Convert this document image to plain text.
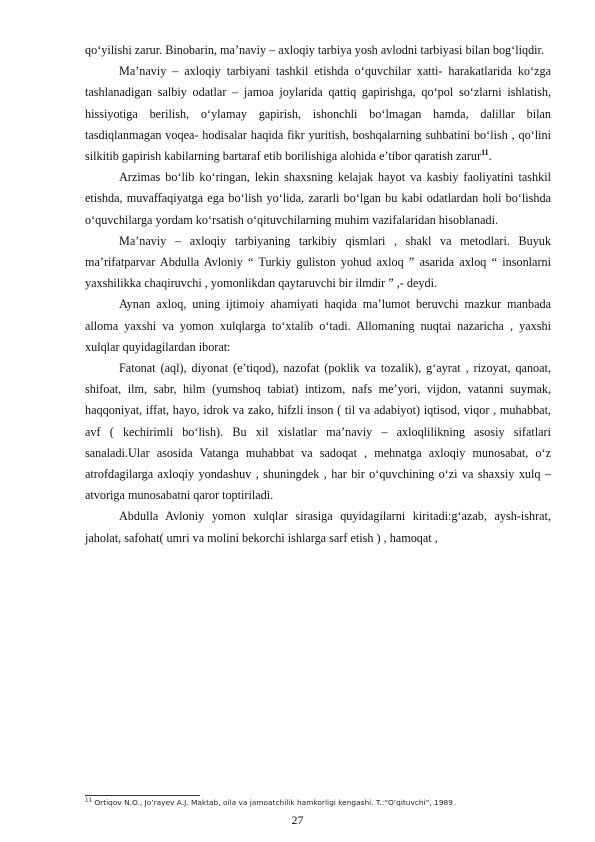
qo‘yilishi zarur. Binobarin, ma’naviy – axloqiy tarbiya yosh avlodni tarbiyasi bilan bog‘liqdir.

Ma’naviy – axloqiy tarbiyani tashkil etishda o‘quvchilar xatti- harakatlarida ko‘zga tashlanadigan salbiy odatlar – jamoa joylarida qattiq gapirishga, qo‘pol so‘zlarni ishlatish, hissiyotiga berilish, o‘ylamay gapirish, ishonchli bo‘lmagan hamda, dalillar bilan tasdiqlanmagan voqea- hodisalar haqida fikr yuritish, boshqalarning suhbatini bo‘lish , qo‘lini silkitib gapirish kabilarning bartaraf etib borilishiga alohida e’tibor qaratish zarur$^{11}$.

Arzimas bo‘lib ko‘ringan, lekin shaxsning kelajak hayot va kasbiy faoliyatini tashkil etishda, muvaffaqiyatga ega bo‘lish yo‘lida, zararli bo‘lgan bu kabi odatlardan holi bo‘lishda o‘quvchilarga yordam ko‘rsatish o‘qituvchilarning muhim vazifalaridan hisoblanadi.

Ma’naviy – axloqiy tarbiyaning tarkibiy qismlari , shakl va metodlari. Buyuk ma’rifatparvar Abdulla Avloniy “ Turkiy guliston yohud axloq ” asarida axloq “ insonlarni yaxshilikka chaqiruvchi , yomonlikdan qaytaruvchi bir ilmdir ” ,- deydi.

Aynan axloq, uning ijtimoiy ahamiyati haqida ma’lumot beruvchi mazkur manbada alloma yaxshi va yomon xulqlarga to‘xtalib o‘tadi. Allomaning nuqtai nazaricha , yaxshi xulqlar quyidagilardan iborat:

Fatonat (aql), diyonat (e’tiqod), nazofat (poklik va tozalik), g‘ayrat , rizoyat, qanoat, shifoat, ilm, sabr, hilm (yumshoq tabiat) intizom, nafs me’yori, vijdon, vatanni suymak, haqqoniyat, iffat, hayo, idrok va zako, hifzli inson ( til va adabiyot) iqtisod, viqor , muhabbat, avf ( kechirimli bo‘lish). Bu xil xislatlar ma’naviy – axloqlilikning asosiy sifatlari sanaladi.Ular asosida Vatanga muhabbat va sadoqat , mehnatga axloqiy munosabat, o‘z atrofdagilarga axloqiy yondashuv , shuningdek , har bir o‘quvchining o‘zi va shaxsiy xulq – atvoriga munosabatni qaror toptiriladi.

Abdulla Avloniy yomon xulqlar sirasiga quyidagilarni kiritadi:g‘azab, aysh-ishrat, jaholat, safohat( umri va molini bekorchi ishlarga sarf etish ) , hamoqat ,

$^{11}$ Ortiqov N.O., Jo’rayev A.J. Maktab, oila va jamoatchilik hamkorligi kengashi. T.:“O’qituvchi”, 1989.
27
